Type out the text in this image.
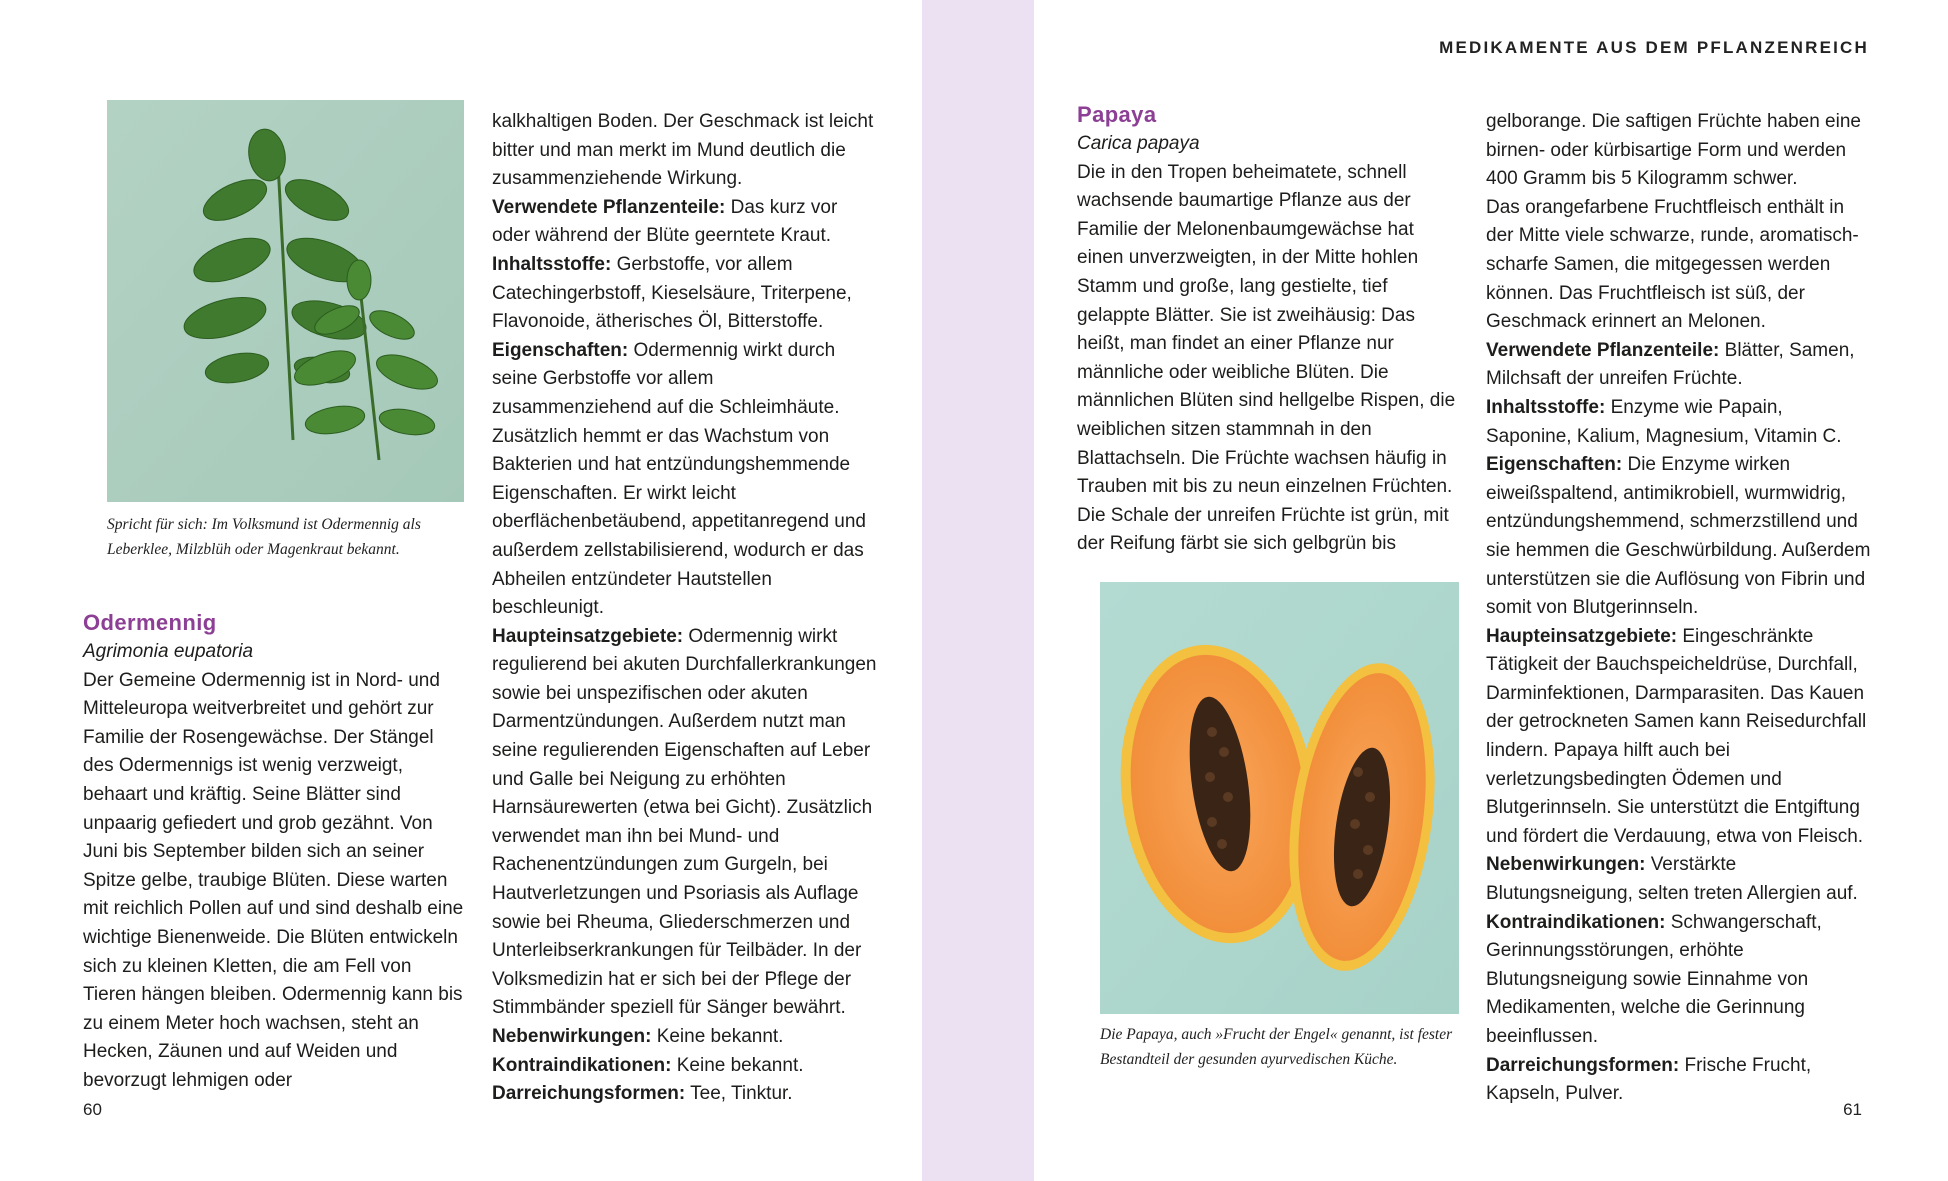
MEDIKAMENTE AUS DEM PFLANZENREICH
Spricht für sich: Im Volksmund ist Odermennig als Leberklee, Milzblüh oder Magenkraut bekannt.

Odermennig

Agrimonia eupatoria

Der Gemeine Odermennig ist in Nord- und Mitteleuropa weitverbreitet und gehört zur Familie der Rosengewächse. Der Stängel des Odermennigs ist wenig verzweigt, behaart und kräftig. Seine Blätter sind unpaarig gefiedert und grob gezähnt. Von Juni bis September bilden sich an seiner Spitze gelbe, traubige Blüten. Diese warten mit reichlich Pollen auf und sind deshalb eine wichtige Bienenweide. Die Blüten entwickeln sich zu kleinen Kletten, die am Fell von Tieren hängen bleiben. Odermennig kann bis zu einem Meter hoch wachsen, steht an Hecken, Zäunen und auf Weiden und bevorzugt lehmigen oder

kalkhaltigen Boden. Der Geschmack ist leicht bitter und man merkt im Mund deutlich die zusammenziehende Wirkung.

Verwendete Pflanzenteile: Das kurz vor oder während der Blüte geerntete Kraut.

Inhaltsstoffe: Gerbstoffe, vor allem Catechingerbstoff, Kieselsäure, Triterpene, Flavonoide, ätherisches Öl, Bitterstoffe.

Eigenschaften: Odermennig wirkt durch seine Gerbstoffe vor allem zusammenziehend auf die Schleimhäute. Zusätzlich hemmt er das Wachstum von Bakterien und hat entzündungshemmende Eigenschaften. Er wirkt leicht oberflächenbetäubend, appetitanregend und außerdem zellstabilisierend, wodurch er das Abheilen entzündeter Hautstellen beschleunigt.

Haupteinsatzgebiete: Odermennig wirkt regulierend bei akuten Durchfallerkrankungen sowie bei unspezifischen oder akuten Darmentzündungen. Außerdem nutzt man seine regulierenden Eigenschaften auf Leber und Galle bei Neigung zu erhöhten Harnsäurewerten (etwa bei Gicht). Zusätzlich verwendet man ihn bei Mund- und Rachenentzündungen zum Gurgeln, bei Hautverletzungen und Psoriasis als Auflage sowie bei Rheuma, Gliederschmerzen und Unterleibserkrankungen für Teilbäder. In der Volksmedizin hat er sich bei der Pflege der Stimmbänder speziell für Sänger bewährt.

Nebenwirkungen: Keine bekannt.

Kontraindikationen: Keine bekannt.

Darreichungsformen: Tee, Tinktur.

60

Papaya

Carica papaya

Die in den Tropen beheimatete, schnell wachsende baumartige Pflanze aus der Familie der Melonenbaumgewächse hat einen unverzweigten, in der Mitte hohlen Stamm und große, lang gestielte, tief gelappte Blätter. Sie ist zweihäusig: Das heißt, man findet an einer Pflanze nur männliche oder weibliche Blüten. Die männlichen Blüten sind hellgelbe Rispen, die weiblichen sitzen stammnah in den Blattachseln. Die Früchte wachsen häufig in Trauben mit bis zu neun einzelnen Früchten. Die Schale der unreifen Früchte ist grün, mit der Reifung färbt sie sich gelbgrün bis

Die Papaya, auch »Frucht der Engel« genannt, ist fester Bestandteil der gesunden ayurvedischen Küche.

gelborange. Die saftigen Früchte haben eine birnen- oder kürbisartige Form und werden 400 Gramm bis 5 Kilogramm schwer.

Das orangefarbene Fruchtfleisch enthält in der Mitte viele schwarze, runde, aromatisch-scharfe Samen, die mitgegessen werden können. Das Fruchtfleisch ist süß, der Geschmack erinnert an Melonen.

Verwendete Pflanzenteile: Blätter, Samen, Milchsaft der unreifen Früchte.

Inhaltsstoffe: Enzyme wie Papain, Saponine, Kalium, Magnesium, Vitamin C.

Eigenschaften: Die Enzyme wirken eiweißspaltend, antimikrobiell, wurmwidrig, entzündungshemmend, schmerzstillend und sie hemmen die Geschwürbildung. Außerdem unterstützen sie die Auflösung von Fibrin und somit von Blutgerinnseln.

Haupteinsatzgebiete: Eingeschränkte Tätigkeit der Bauchspeicheldrüse, Durchfall, Darminfektionen, Darmparasiten. Das Kauen der getrockneten Samen kann Reisedurchfall lindern. Papaya hilft auch bei verletzungsbedingten Ödemen und Blutgerinnseln. Sie unterstützt die Entgiftung und fördert die Verdauung, etwa von Fleisch.

Nebenwirkungen: Verstärkte Blutungsneigung, selten treten Allergien auf.

Kontraindikationen: Schwangerschaft, Gerinnungsstörungen, erhöhte Blutungsneigung sowie Einnahme von Medikamenten, welche die Gerinnung beeinflussen.

Darreichungsformen: Frische Frucht, Kapseln, Pulver.

61
